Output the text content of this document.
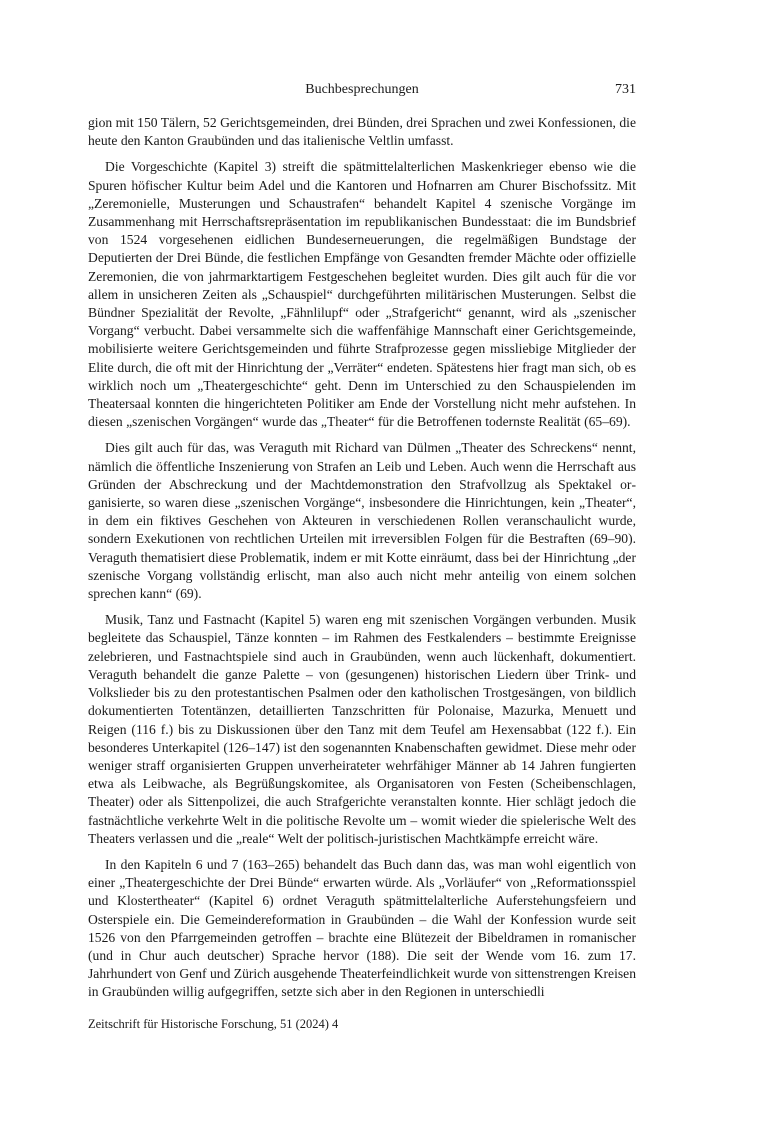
Buchbesprechungen	731

gion mit 150 Tälern, 52 Gerichtsgemeinden, drei Bünden, drei Sprachen und zwei Konfessionen, die heute den Kanton Graubünden und das italienische Veltlin umfasst.

Die Vorgeschichte (Kapitel 3) streift die spätmittelalterlichen Maskenkrieger ebenso wie die Spuren höfischer Kultur beim Adel und die Kantoren und Hofnarren am Churer Bischofssitz. Mit „Zeremonielle, Musterungen und Schaustrafen“ behandelt Kapitel 4 szenische Vorgänge im Zusammenhang mit Herrschaftsrepräsentation im republikanischen Bundesstaat: die im Bundsbrief von 1524 vorgesehenen eidlichen Bundeserneuerungen, die regelmäßigen Bundstage der Deputierten der Drei Bünde, die festlichen Empfänge von Gesandten fremder Mächte oder offizielle Zeremonien, die von jahrmarktartigem Festgeschehen begleitet wurden. Dies gilt auch für die vor allem in unsicheren Zeiten als „Schauspiel“ durchgeführten militärischen Musterungen. Selbst die Bündner Spezialität der Revolte, „Fähnlilupf“ oder „Strafgericht“ genannt, wird als „szenischer Vorgang“ verbucht. Dabei versammelte sich die waffenfähige Mannschaft einer Gerichtsgemeinde, mobilisierte weitere Gerichtsgemeinden und führte Strafprozesse gegen missliebige Mitglieder der Elite durch, die oft mit der Hinrichtung der „Verräter“ endeten. Spätestens hier fragt man sich, ob es wirklich noch um „Theatergeschichte“ geht. Denn im Unterschied zu den Schauspielenden im Theatersaal konnten die hingerichteten Politiker am Ende der Vorstellung nicht mehr aufstehen. In diesen „szenischen Vorgängen“ wurde das „Theater“ für die Betroffenen todernste Realität (65–69).

Dies gilt auch für das, was Veraguth mit Richard van Dülmen „Theater des Schreckens“ nennt, nämlich die öffentliche Inszenierung von Strafen an Leib und Leben. Auch wenn die Herrschaft aus Gründen der Abschreckung und der Machtdemonstration den Strafvollzug als Spektakel organisierte, so waren diese „szenischen Vorgänge“, insbesondere die Hinrichtungen, kein „Theater“, in dem ein fiktives Geschehen von Akteuren in verschiedenen Rollen veranschaulicht wurde, sondern Exekutionen von rechtlichen Urteilen mit irreversiblen Folgen für die Bestraften (69–90). Veraguth thematisiert diese Problematik, indem er mit Kotte einräumt, dass bei der Hinrichtung „der szenische Vorgang vollständig erlischt, man also auch nicht mehr anteilig von einem solchen sprechen kann“ (69).

Musik, Tanz und Fastnacht (Kapitel 5) waren eng mit szenischen Vorgängen verbunden. Musik begleitete das Schauspiel, Tänze konnten – im Rahmen des Festkalenders – bestimmte Ereignisse zelebrieren, und Fastnachtspiele sind auch in Graubünden, wenn auch lückenhaft, dokumentiert. Veraguth behandelt die ganze Palette – von (gesungenen) historischen Liedern über Trink- und Volkslieder bis zu den protestantischen Psalmen oder den katholischen Trostgesängen, von bildlich dokumentierten Totentänzen, detaillierten Tanzschritten für Polonaise, Mazurka, Menuett und Reigen (116 f.) bis zu Diskussionen über den Tanz mit dem Teufel am Hexensabbat (122 f.). Ein besonderes Unterkapitel (126–147) ist den sogenannten Knabenschaften gewidmet. Diese mehr oder weniger straff organisierten Gruppen unverheirateter wehrfähiger Männer ab 14 Jahren fungierten etwa als Leibwache, als Begrüßungskomitee, als Organisatoren von Festen (Scheibenschlagen, Theater) oder als Sittenpolizei, die auch Strafgerichte veranstalten konnte. Hier schlägt jedoch die fastnächtliche verkehrte Welt in die politische Revolte um – womit wieder die spielerische Welt des Theaters verlassen und die „reale“ Welt der politisch-juristischen Machtkämpfe erreicht wäre.

In den Kapiteln 6 und 7 (163–265) behandelt das Buch dann das, was man wohl eigentlich von einer „Theatergeschichte der Drei Bünde“ erwarten würde. Als „Vorläufer“ von „Reformationsspiel und Klostertheater“ (Kapitel 6) ordnet Veraguth spätmittelalterliche Auferstehungsfeiern und Osterspiele ein. Die Gemeindereformation in Graubünden – die Wahl der Konfession wurde seit 1526 von den Pfarrgemeinden getroffen – brachte eine Blütezeit der Bibeldramen in romanischer (und in Chur auch deutscher) Sprache hervor (188). Die seit der Wende vom 16. zum 17. Jahrhundert von Genf und Zürich ausgehende Theaterfeindlichkeit wurde von sittenstrengen Kreisen in Graubünden willig aufgegriffen, setzte sich aber in den Regionen in unterschiedli

Zeitschrift für Historische Forschung, 51 (2024) 4
